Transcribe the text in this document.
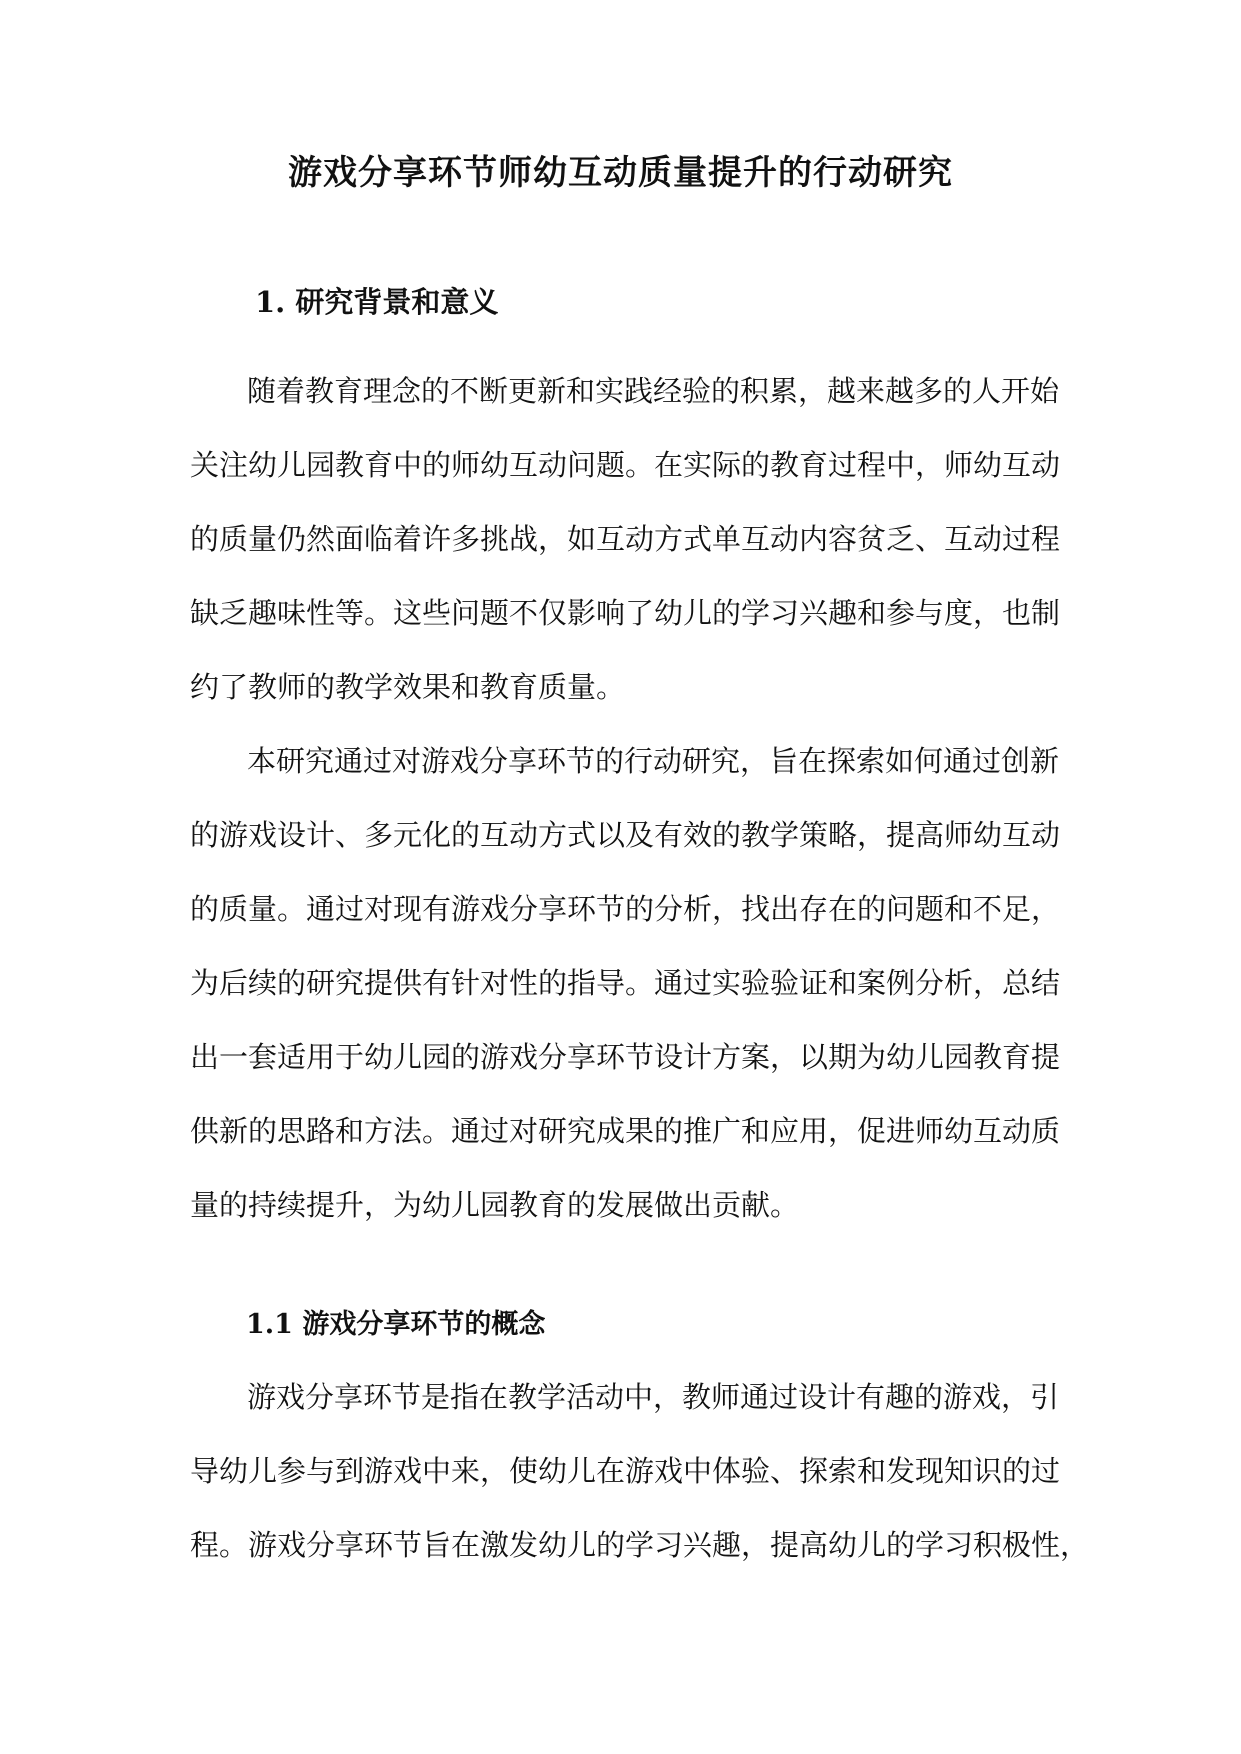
游戏分享环节师幼互动质量提升的行动研究
1. 研究背景和意义
随着教育理念的不断更新和实践经验的积累，越来越多的人开始
关注幼儿园教育中的师幼互动问题。在实际的教育过程中，师幼互动
的质量仍然面临着许多挑战，如互动方式单互动内容贫乏、互动过程
缺乏趣味性等。这些问题不仅影响了幼儿的学习兴趣和参与度，也制
约了教师的教学效果和教育质量。
本研究通过对游戏分享环节的行动研究，旨在探索如何通过创新
的游戏设计、多元化的互动方式以及有效的教学策略，提高师幼互动
的质量。通过对现有游戏分享环节的分析，找出存在的问题和不足，
为后续的研究提供有针对性的指导。通过实验验证和案例分析，总结
出一套适用于幼儿园的游戏分享环节设计方案，以期为幼儿园教育提
供新的思路和方法。通过对研究成果的推广和应用，促进师幼互动质
量的持续提升，为幼儿园教育的发展做出贡献。
1.1 游戏分享环节的概念
游戏分享环节是指在教学活动中，教师通过设计有趣的游戏，引
导幼儿参与到游戏中来，使幼儿在游戏中体验、探索和发现知识的过
程。游戏分享环节旨在激发幼儿的学习兴趣，提高幼儿的学习积极性，
